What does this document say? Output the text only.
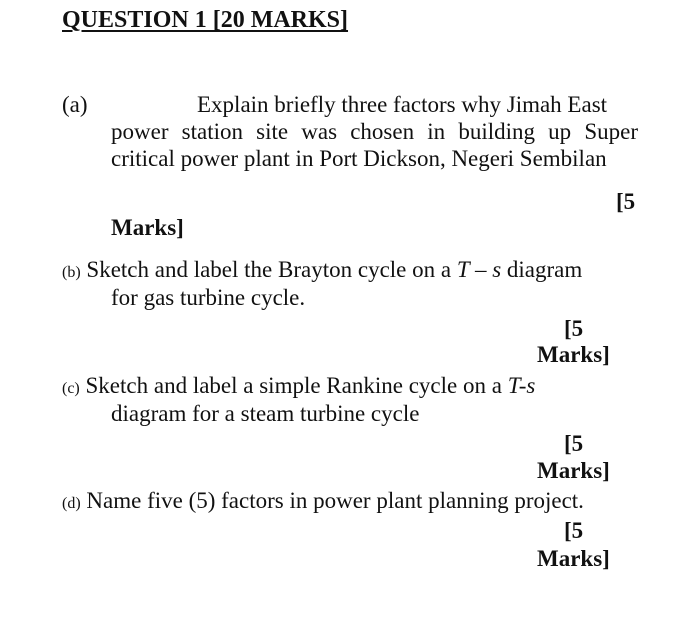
QUESTION 1 [20 MARKS]
(a)	Explain briefly three factors why Jimah East
power station site was chosen in building up Super
critical power plant in Port Dickson, Negeri Sembilan
[5
Marks]
(b) Sketch and label the Brayton cycle on a T – s diagram
for gas turbine cycle.
[5
Marks]
(c) Sketch and label a simple Rankine cycle on a T-s
diagram for a steam turbine cycle
[5
Marks]
(d) Name five (5) factors in power plant planning project.
[5
Marks]
